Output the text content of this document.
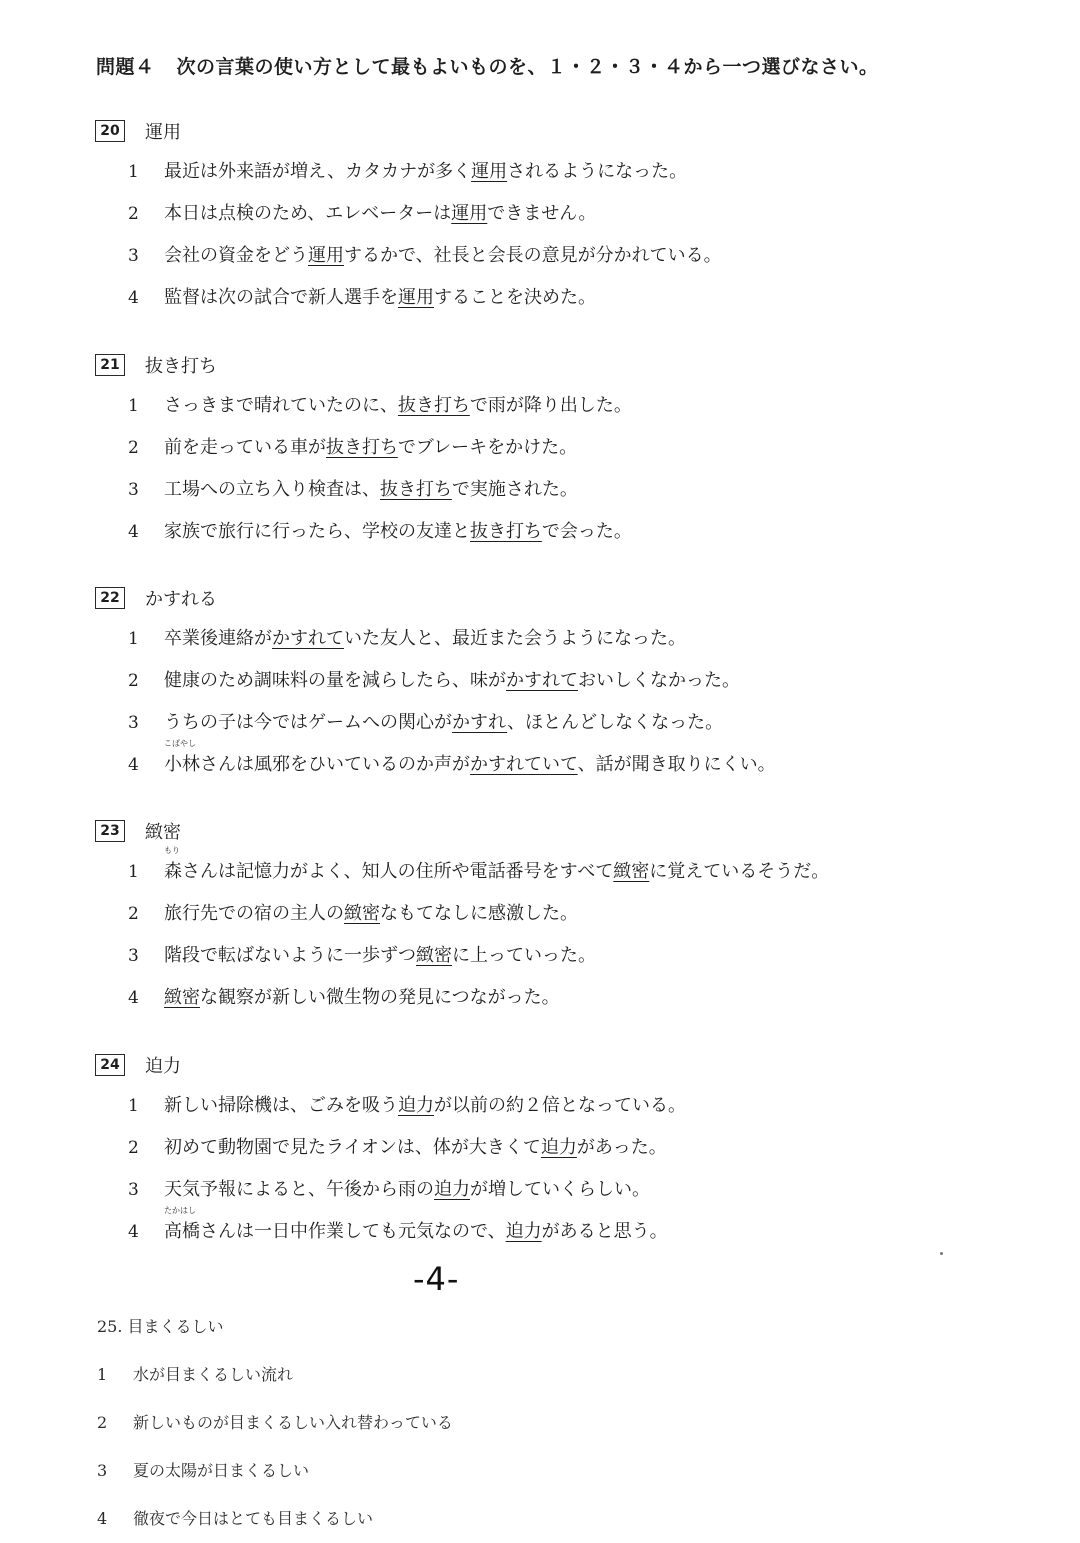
問題４ 次の言葉の使い方として最もよいものを、１・２・３・４から一つ選びなさい。
20 運用
1 最近は外来語が増え、カタカナが多く運用されるようになった。
2 本日は点検のため、エレベーターは運用できません。
3 会社の資金をどう運用するかで、社長と会長の意見が分かれている。
4 監督は次の試合で新人選手を運用することを決めた。
21 抜き打ち
1 さっきまで晴れていたのに、抜き打ちで雨が降り出した。
2 前を走っている車が抜き打ちでブレーキをかけた。
3 工場への立ち入り検査は、抜き打ちで実施された。
4 家族で旅行に行ったら、学校の友達と抜き打ちで会った。
22 かすれる
1 卒業後連絡がかすれていた友人と、最近また会うようになった。
2 健康のため調味料の量を減らしたら、味がかすれておいしくなかった。
3 うちの子は今ではゲームへの関心がかすれ、ほとんどしなくなった。
4
こばやし
小林さんは風邪をひいているのか声がかすれていて、話が聞き取りにくい。
23 緻密
1
もり
森さんは記憶力がよく、知人の住所や電話番号をすべて緻密に覚えているそうだ。
2 旅行先での宿の主人の緻密なもてなしに感激した。
3 階段で転ばないように一歩ずつ緻密に上っていった。
4 緻密な観察が新しい微生物の発見につながった。
24 迫力
1 新しい掃除機は、ごみを吸う迫力が以前の約２倍となっている。
2 初めて動物園で見たライオンは、体が大きくて迫力があった。
3 天気予報によると、午後から雨の迫力が増していくらしい。
4
たかはし
高橋さんは一日中作業しても元気なので、迫力があると思う。
-4-
25. 目まくるしい
1 水が目まくるしい流れ
2 新しいものが目まくるしい入れ替わっている
3 夏の太陽が日まくるしい
4 徹夜で今日はとても目まくるしい
